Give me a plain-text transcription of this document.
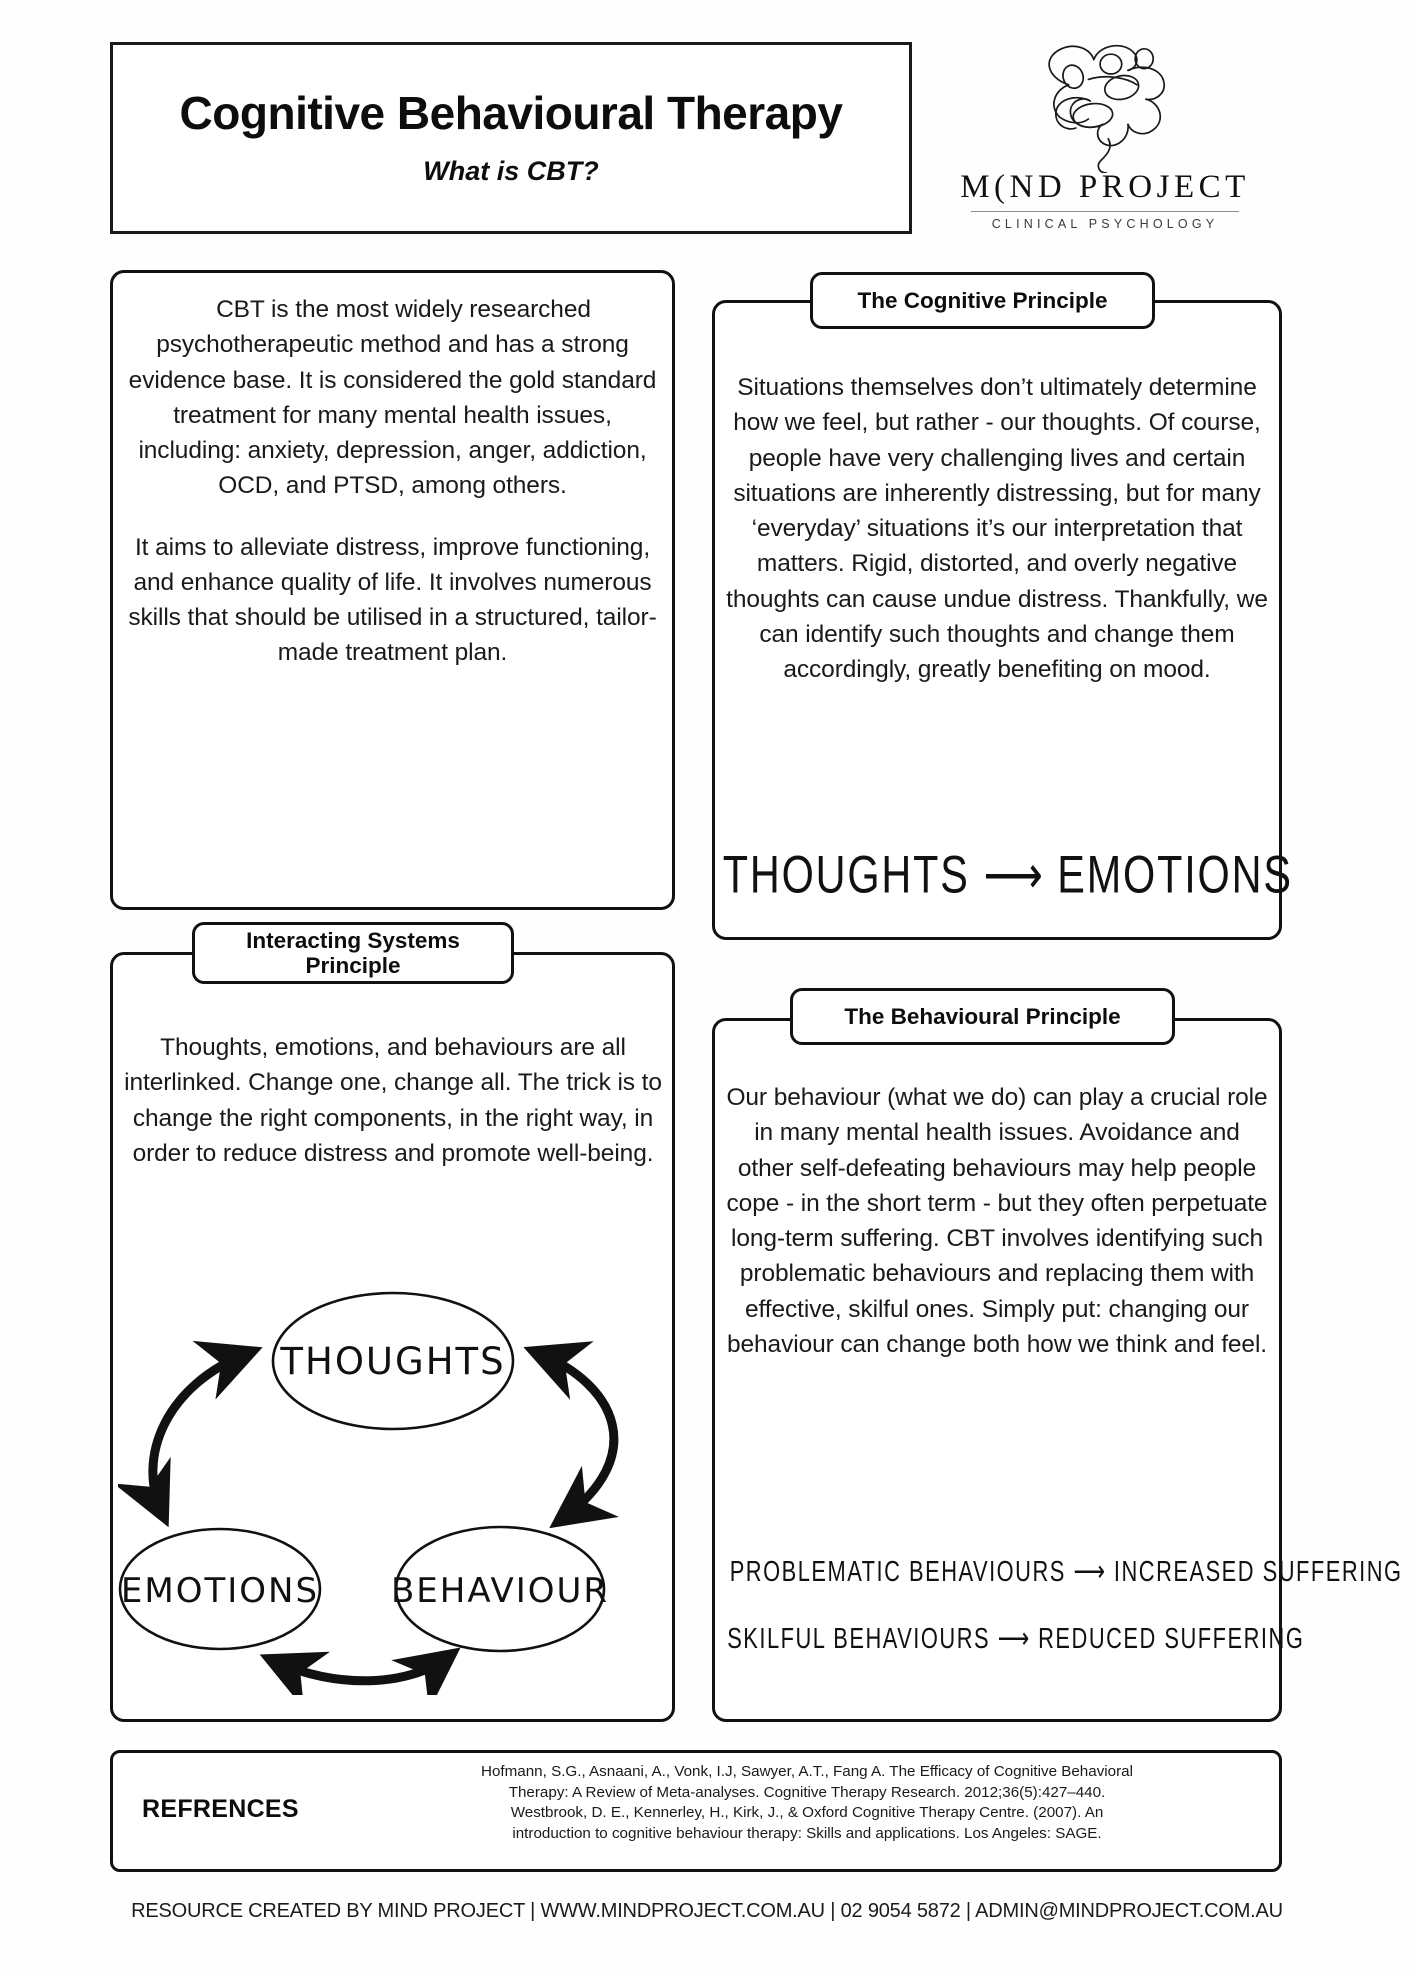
Cognitive Behavioural Therapy
What is CBT?	M(ND PROJECT
CLINICAL PSYCHOLOGY

CBT is the most widely researched psychotherapeutic method and has a strong evidence base. It is considered the gold standard treatment for many mental health issues, including: anxiety, depression, anger, addiction, OCD, and PTSD, among others.

It aims to alleviate distress, improve functioning, and enhance quality of life. It involves numerous skills that should be utilised in a structured, tailor-made treatment plan.

The Cognitive Principle

Situations themselves don’t ultimately determine how we feel, but rather - our thoughts. Of course, people have very challenging lives and certain situations are inherently distressing, but for many ‘everyday’ situations it’s our interpretation that matters. Rigid, distorted, and overly negative thoughts can cause undue distress. Thankfully, we can identify such thoughts and change them accordingly, greatly benefiting on mood.

THOUGHTS ⟶ EMOTIONS
Interacting Systems
Principle

Thoughts, emotions, and behaviours are all interlinked. Change one, change all. The trick is to change the right components, in the right way, in order to reduce distress and promote well-being.

THOUGHTS
EMOTIONS BEHAVIOUR
The Behavioural Principle

Our behaviour (what we do) can play a crucial role in many mental health issues. Avoidance and other self-defeating behaviours may help people cope - in the short term - but they often perpetuate long-term suffering. CBT involves identifying such problematic behaviours and replacing them with effective, skilful ones. Simply put: changing our behaviour can change both how we think and feel.

PROBLEMATIC BEHAVIOURS ⟶ INCREASED SUFFERING
SKILFUL BEHAVIOURS ⟶ REDUCED SUFFERING
REFRENCES
Hofmann, S.G., Asnaani, A., Vonk, I.J, Sawyer, A.T., Fang A. The Efficacy of Cognitive Behavioral
Therapy: A Review of Meta-analyses. Cognitive Therapy Research. 2012;36(5):427–440.
Westbrook, D. E., Kennerley, H., Kirk, J., & Oxford Cognitive Therapy Centre. (2007). An
introduction to cognitive behaviour therapy: Skills and applications. Los Angeles: SAGE.
RESOURCE CREATED BY MIND PROJECT | WWW.MINDPROJECT.COM.AU | 02 9054 5872 | ADMIN@MINDPROJECT.COM.AU
